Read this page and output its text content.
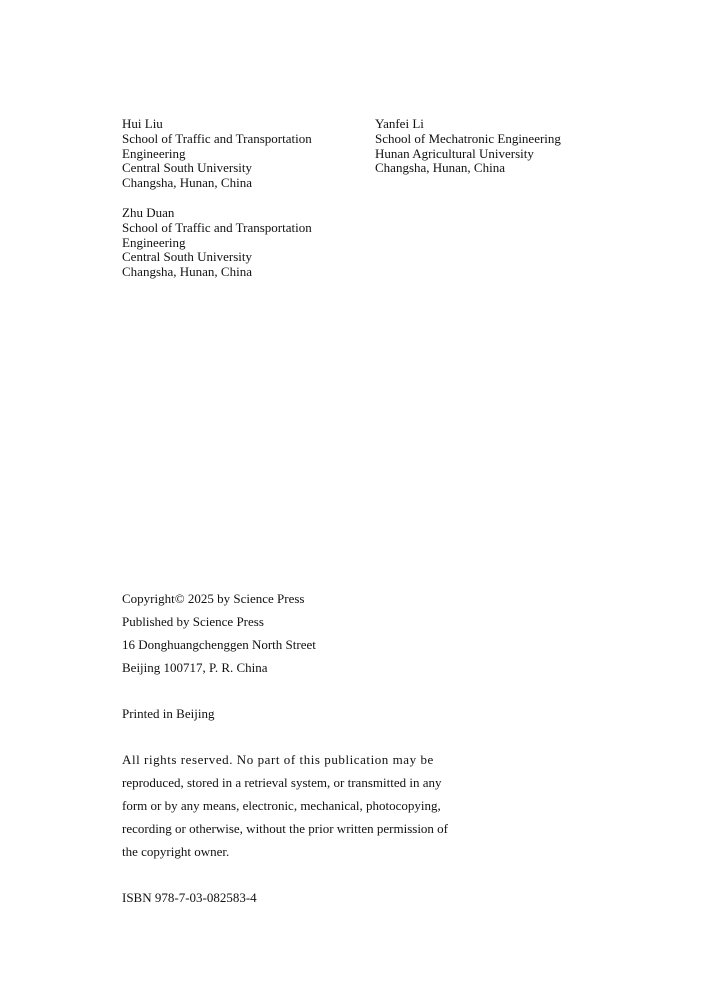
Hui Liu
School of Traffic and Transportation
Engineering
Central South University
Changsha, Hunan, China
Yanfei Li
School of Mechatronic Engineering
Hunan Agricultural University
Changsha, Hunan, China
Zhu Duan
School of Traffic and Transportation
Engineering
Central South University
Changsha, Hunan, China
Copyright© 2025 by Science Press
Published by Science Press
16 Donghuangchenggen North Street
Beijing 100717, P. R. China
Printed in Beijing
All rights reserved. No part of this publication may be
reproduced, stored in a retrieval system, or transmitted in any
form or by any means, electronic, mechanical, photocopying,
recording or otherwise, without the prior written permission of
the copyright owner.
ISBN 978-7-03-082583-4
